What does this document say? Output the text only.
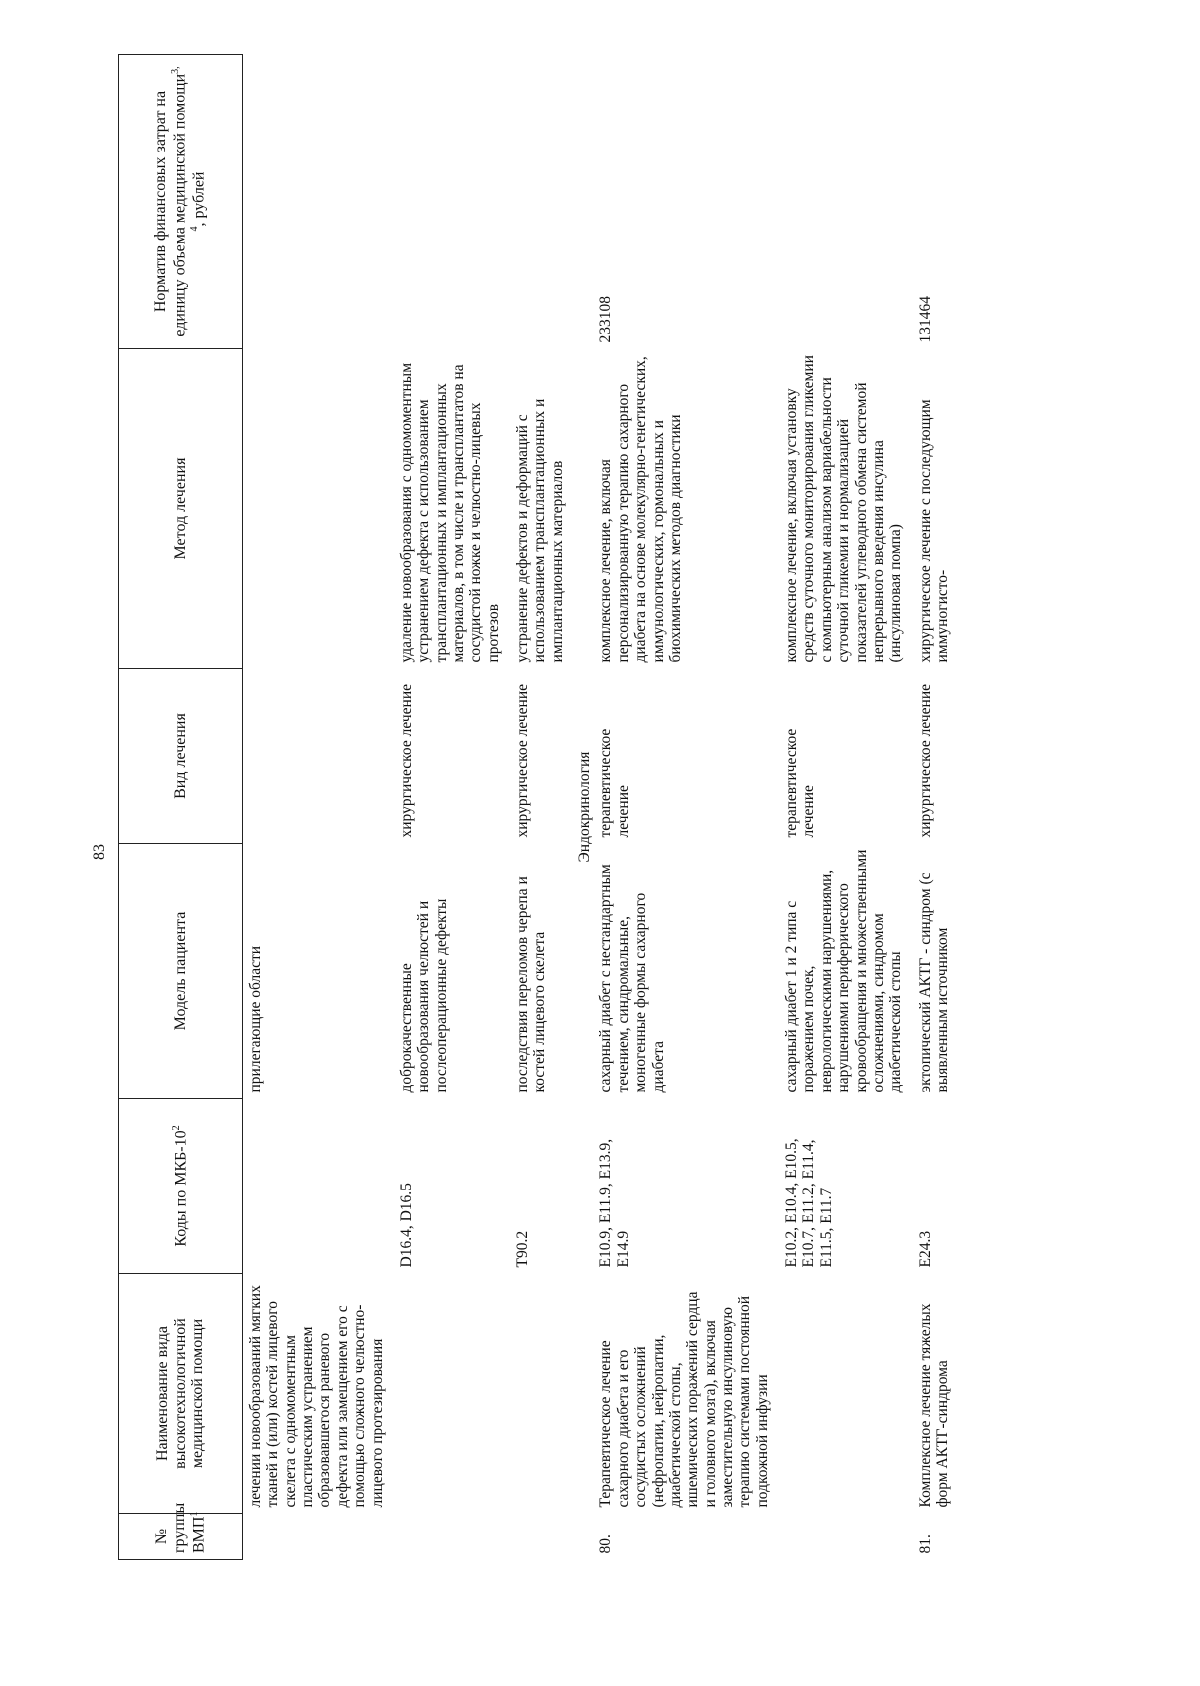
83
№ группы ВМП$^1$	Наименование вида высокотехнологичной медицинской помощи	Коды по МКБ-$10^2$	Модель пациента	Вид лечения	Метод лечения	Норматив финансовых затрат на единицу объема медицинской помощи$^{3, 4}$, рублей
	лечении новообразований мягких тканей и (или) костей лицевого скелета с одномоментным пластическим устранением образовавшегося раневого дефекта или замещением его с помощью сложного челюстно-лицевого протезирования		прилегающие области			
		D16.4, D16.5	доброкачественные новообразования челюстей и послеоперационные дефекты	хирургическое лечение	удаление новообразования с одномоментным устранением дефекта с использованием трансплантационных и имплантационных материалов, в том числе и трансплантатов на сосудистой ножке и челюстно-лицевых протезов	
		T90.2	последствия переломов черепа и костей лицевого скелета	хирургическое лечение	устранение дефектов и деформаций с использованием трансплантационных и имплантационных материалов	
Эндокринология						
80.	Терапевтическое лечение сахарного диабета и его сосудистых осложнений (нефропатии, нейропатии, диабетической стопы, ишемических поражений сердца и головного мозга), включая заместительную инсулиновую терапию системами постоянной подкожной инфузии	E10.9, E11.9, E13.9, E14.9	сахарный диабет с нестандартным течением, синдромальные, моногенные формы сахарного диабета	терапевтическое лечение	комплексное лечение, включая персонализированную терапию сахарного диабета на основе молекулярно-генетических, иммунологических, гормональных и биохимических методов диагностики	233108
		E10.2, E10.4, E10.5, E10.7, E11.2, E11.4, E11.5, E11.7	сахарный диабет 1 и 2 типа с поражением почек, неврологическими нарушениями, нарушениями периферического кровообращения и множественными осложнениями, синдромом диабетической стопы	терапевтическое лечение	комплексное лечение, включая установку средств суточного мониторирования гликемии с компьютерным анализом вариабельности суточной гликемии и нормализацией показателей углеводного обмена системой непрерывного введения инсулина (инсулиновая помпа)	
81.	Комплексное лечение тяжелых форм АКТГ-синдрома	E24.3	эктопический АКТГ - синдром (с выявленным источником	хирургическое лечение	хирургическое лечение с последующим иммуногисто-	131464
